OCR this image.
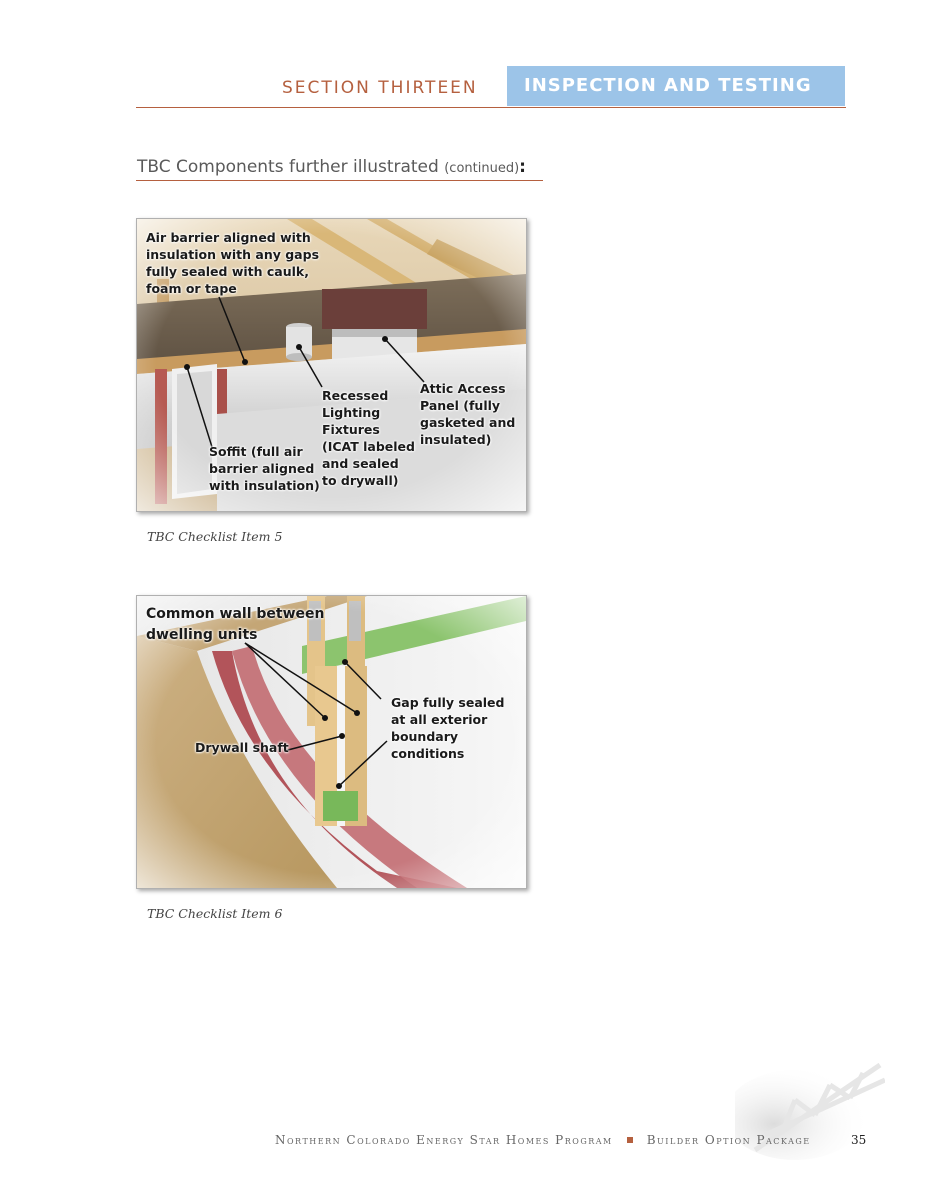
SECTION THIRTEEN	INSPECTION AND TESTING
TBC Components further illustrated (continued):
Air barrier aligned with
insulation with any gaps
fully sealed with caulk,
foam or tape
Recessed
Lighting
Fixtures
(ICAT labeled
and sealed
to drywall)
Attic Access
Panel (fully
gasketed and
insulated)
Soffit (full air
barrier aligned
with insulation)
TBC Checklist Item 5
Common wall between
dwelling units
Gap fully sealed
at all exterior
boundary
conditions
Drywall shaft
TBC Checklist Item 6
Northern Colorado Energy Star Homes Program	Builder Option Package	35
